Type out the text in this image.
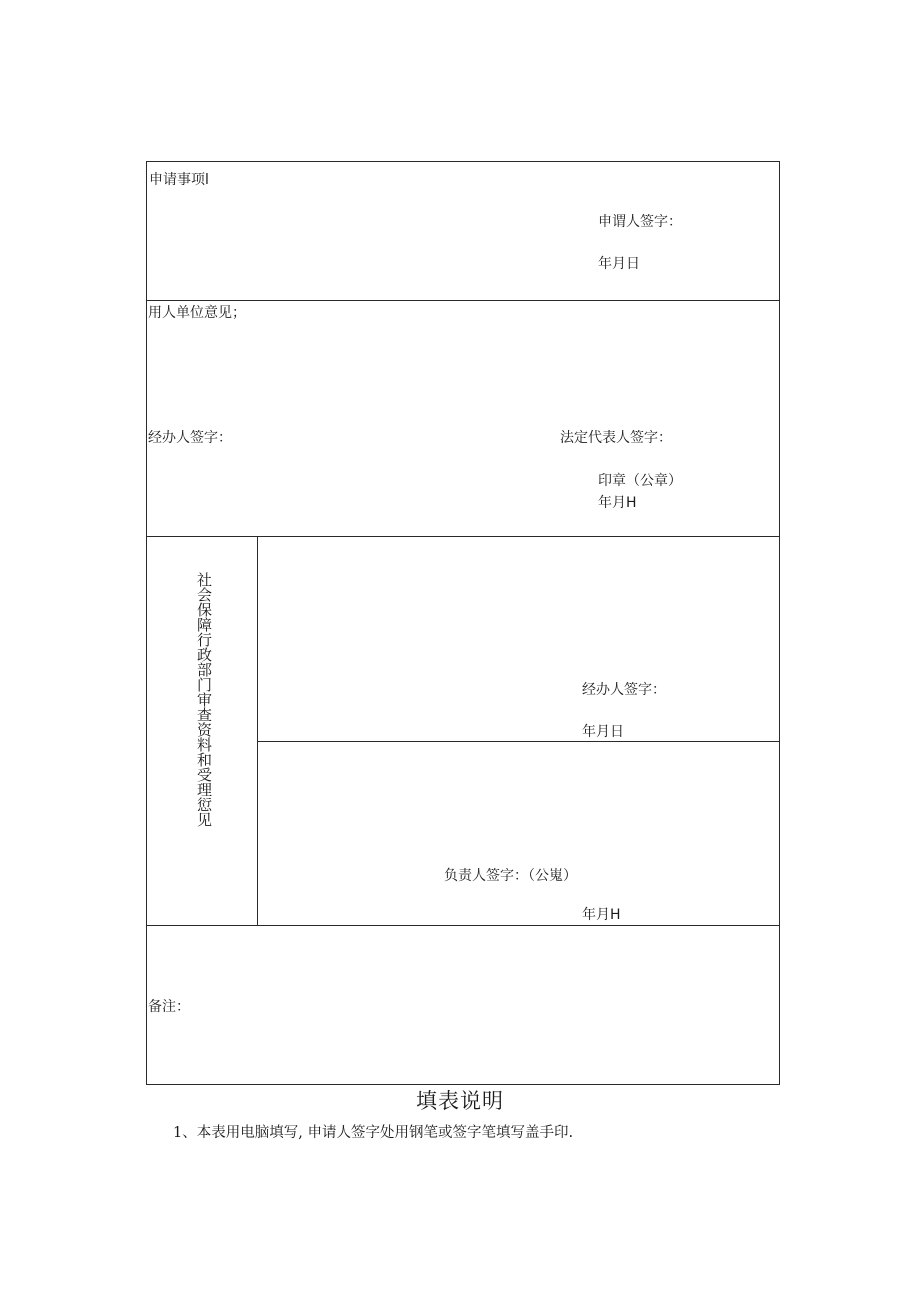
申请事项l
申谓人签字：
年月日
用人单位意见；
经办人签字：	法定代表人签字：
印章（公章）
年月H
社会保障行政部门审查资料和受理愆见	经办人签字：
年月日
负责人签字：（公嵬）
年月H
备注：
填表说明
1、本表用电脑填写, 申请人签字处用钢笔或签字笔填写盖手印.
